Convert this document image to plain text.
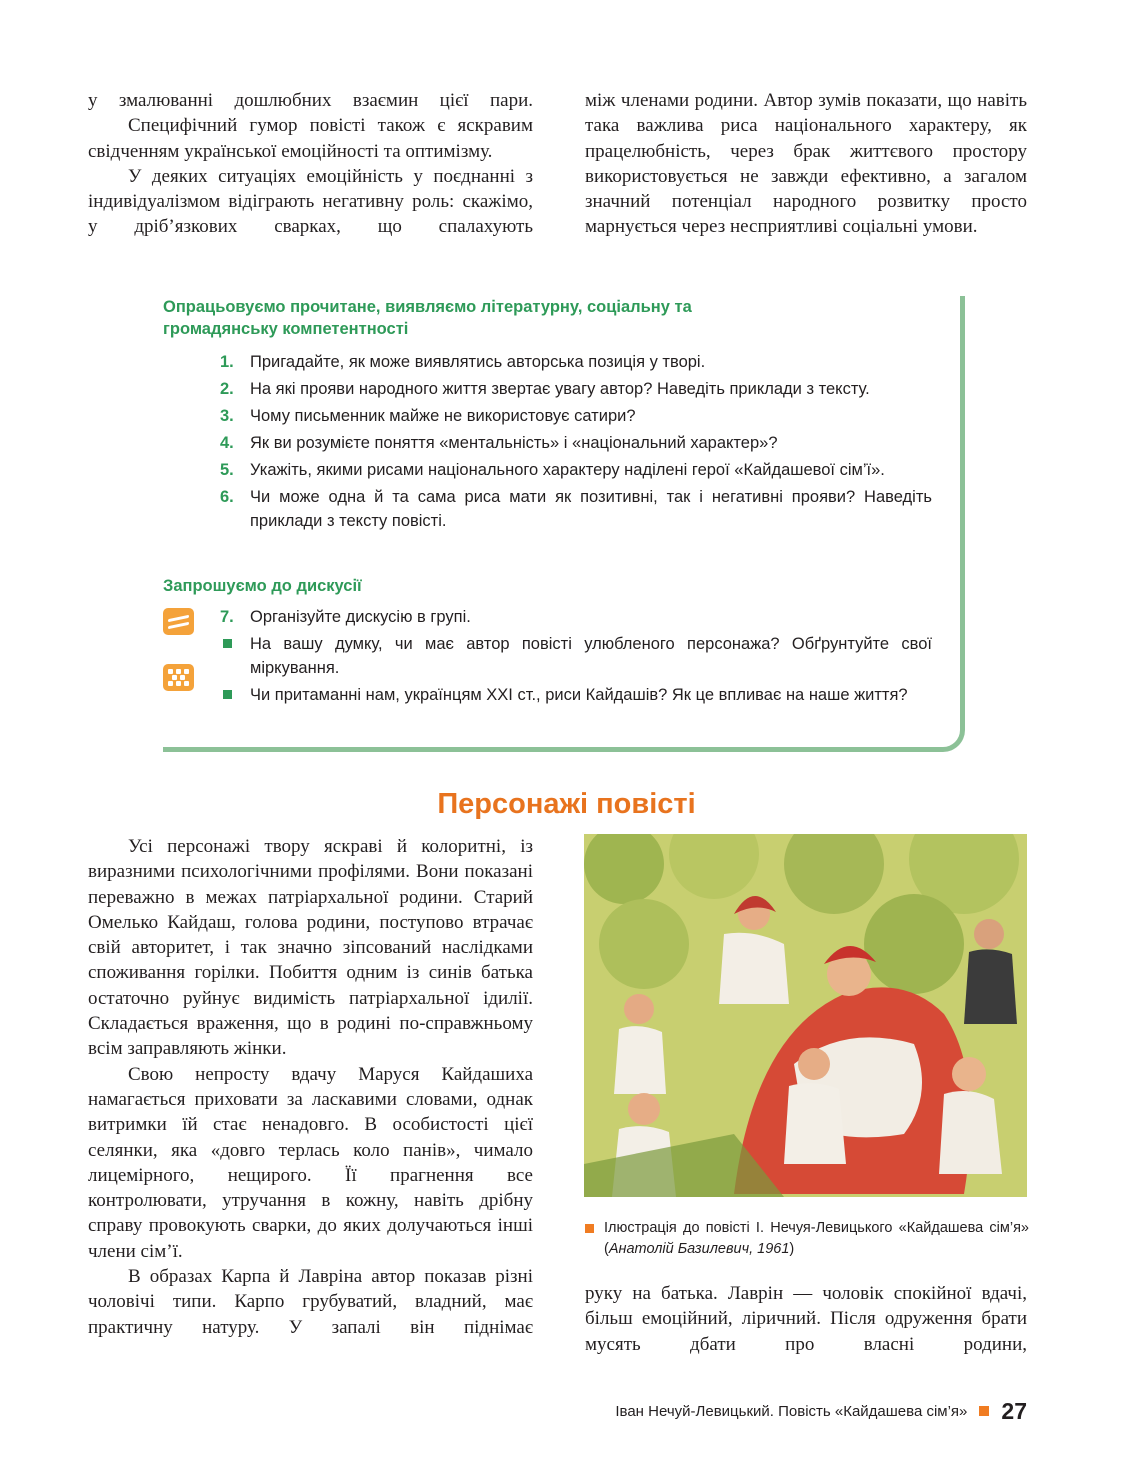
у змалюванні дошлюбних взаємин цієї пари.

Специфічний гумор повісті також є яскравим свідченням української емоційності та оптимізму.

У деяких ситуаціях емоційність у поєднанні з індивідуалізмом відіграють негативну роль: скажімо, у дріб’язкових сварках, що спалахують

між членами родини. Автор зумів показати, що навіть така важлива риса національного характеру, як працелюбність, через брак життєвого простору використовується не завжди ефективно, а загалом значний потенціал народного розвитку просто марнується через несприятливі соціальні умови.

Опрацьовуємо прочитане, виявляємо літературну, соціальну та громадянську компетентності

1. Пригадайте, як може виявлятись авторська позиція у творі.
2. На які прояви народного життя звертає увагу автор? Наведіть приклади з тексту.
3. Чому письменник майже не використовує сатири?
4. Як ви розумієте поняття «ментальність» і «національний характер»?
5. Укажіть, якими рисами національного характеру наділені герої «Кайдашевої сім’ї».
6. Чи може одна й та сама риса мати як позитивні, так і негативні прояви? Наведіть приклади з тексту повісті.

Запрошуємо до дискусії

7. Організуйте дискусію в групі.
На вашу думку, чи має автор повісті улюбленого персонажа? Обґрунтуйте свої міркування.
Чи притаманні нам, українцям ХХІ ст., риси Кайдашів? Як це впливає на наше життя?
Персонажі повісті

Усі персонажі твору яскраві й колоритні, із виразними психологічними профілями. Вони показані переважно в межах патріархальної родини. Старий Омелько Кайдаш, голова родини, поступово втрачає свій авторитет, і так значно зіпсований наслідками споживання горілки. Побиття одним із синів батька остаточно руйнує видимість патріархальної ідилії. Складається враження, що в родині по-справжньому всім заправляють жінки.

Свою непросту вдачу Маруся Кайдашиха намагається приховати за ласкавими словами, однак витримки їй стає ненадовго. В особистості цієї селянки, яка «довго терлась коло панів», чимало лицемірного, нещирого. Її прагнення все контролювати, утручання в кожну, навіть дрібну справу провокують сварки, до яких долучаються інші члени сім’ї.

В образах Карпа й Лавріна автор показав різні чоловічі типи. Карпо грубуватий, владний, має практичну натуру. У запалі він піднімає

Ілюстрація до повісті І. Нечуя-Левицького «Кайдашева сім’я» (Анатолій Базилевич, 1961)

руку на батька. Лаврін — чоловік спокійної вдачі, більш емоційний, ліричний. Після одруження брати мусять дбати про власні родини,

Іван Нечуй-Левицький. Повість «Кайдашева сім’я» 27
